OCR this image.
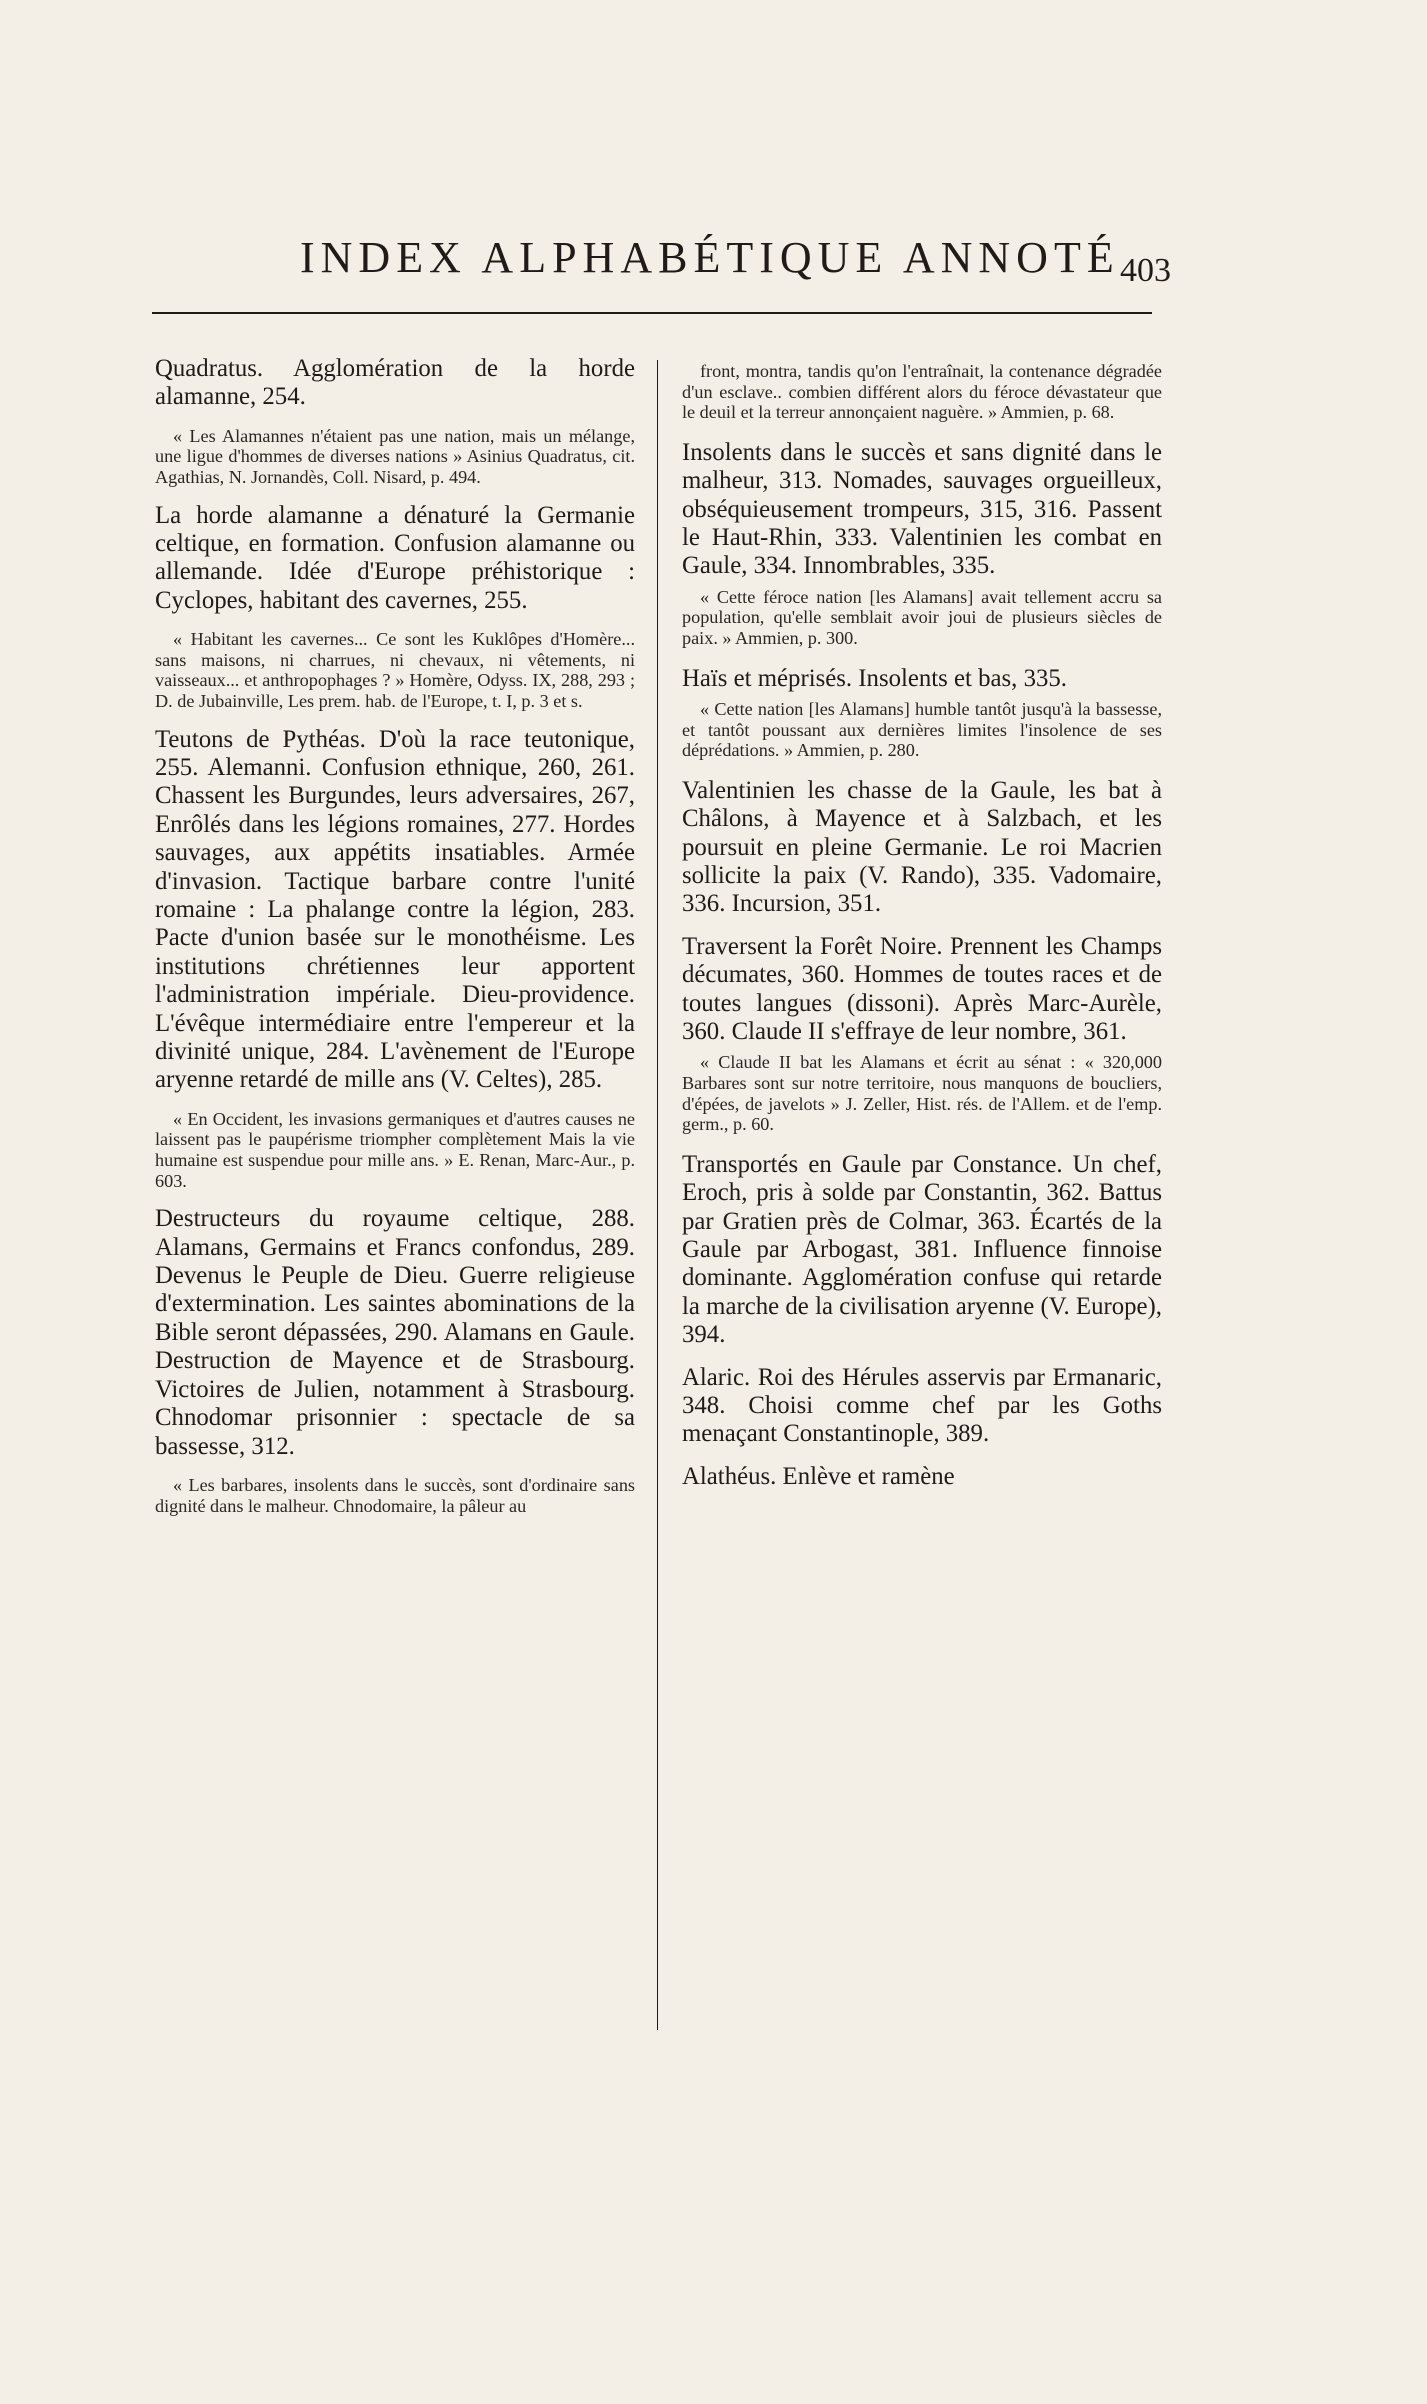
INDEX ALPHABÉTIQUE ANNOTÉ 403

Quadratus. Agglomération de la horde alamanne, 254.

« Les Alamannes n'étaient pas une nation, mais un mélange, une ligue d'hommes de diverses nations » Asinius Quadratus, cit. Agathias, N. Jornandès, Coll. Nisard, p. 494.

La horde alamanne a dénaturé la Germanie celtique, en formation. Confusion alamanne ou allemande. Idée d'Europe préhistorique : Cyclopes, habitant des cavernes, 255.

« Habitant les cavernes... Ce sont les Kuklôpes d'Homère... sans maisons, ni charrues, ni chevaux, ni vêtements, ni vaisseaux... et anthropophages ? » Homère, Odyss. IX, 288, 293 ; D. de Jubainville, Les prem. hab. de l'Europe, t. I, p. 3 et s.

Teutons de Pythéas. D'où la race teutonique, 255. Alemanni. Confusion ethnique, 260, 261. Chassent les Burgundes, leurs adversaires, 267, Enrôlés dans les légions romaines, 277. Hordes sauvages, aux appétits insatiables. Armée d'invasion. Tactique barbare contre l'unité romaine : La phalange contre la légion, 283. Pacte d'union basée sur le monothéisme. Les institutions chrétiennes leur apportent l'administration impériale. Dieu-providence. L'évêque intermédiaire entre l'empereur et la divinité unique, 284. L'avènement de l'Europe aryenne retardé de mille ans (V. Celtes), 285.

« En Occident, les invasions germaniques et d'autres causes ne laissent pas le paupérisme triompher complètement Mais la vie humaine est suspendue pour mille ans. » E. Renan, Marc-Aur., p. 603.

Destructeurs du royaume celtique, 288. Alamans, Germains et Francs confondus, 289. Devenus le Peuple de Dieu. Guerre religieuse d'extermination. Les saintes abominations de la Bible seront dépassées, 290. Alamans en Gaule. Destruction de Mayence et de Strasbourg. Victoires de Julien, notamment à Strasbourg. Chnodomar prisonnier : spectacle de sa bassesse, 312.

« Les barbares, insolents dans le succès, sont d'ordinaire sans dignité dans le malheur. Chnodomaire, la pâleur au

front, montra, tandis qu'on l'entraînait, la contenance dégradée d'un esclave.. combien différent alors du féroce dévastateur que le deuil et la terreur annonçaient naguère. » Ammien, p. 68.

Insolents dans le succès et sans dignité dans le malheur, 313. Nomades, sauvages orgueilleux, obséquieusement trompeurs, 315, 316. Passent le Haut-Rhin, 333. Valentinien les combat en Gaule, 334. Innombrables, 335.

« Cette féroce nation [les Alamans] avait tellement accru sa population, qu'elle semblait avoir joui de plusieurs siècles de paix. » Ammien, p. 300.

Haïs et méprisés. Insolents et bas, 335.

« Cette nation [les Alamans] humble tantôt jusqu'à la bassesse, et tantôt poussant aux dernières limites l'insolence de ses déprédations. » Ammien, p. 280.

Valentinien les chasse de la Gaule, les bat à Châlons, à Mayence et à Salzbach, et les poursuit en pleine Germanie. Le roi Macrien sollicite la paix (V. Rando), 335. Vadomaire, 336. Incursion, 351.

Traversent la Forêt Noire. Prennent les Champs décumates, 360. Hommes de toutes races et de toutes langues (dissoni). Après Marc-Aurèle, 360. Claude II s'effraye de leur nombre, 361.

« Claude II bat les Alamans et écrit au sénat : « 320,000 Barbares sont sur notre territoire, nous manquons de boucliers, d'épées, de javelots » J. Zeller, Hist. rés. de l'Allem. et de l'emp. germ., p. 60.

Transportés en Gaule par Constance. Un chef, Eroch, pris à solde par Constantin, 362. Battus par Gratien près de Colmar, 363. Écartés de la Gaule par Arbogast, 381. Influence finnoise dominante. Agglomération confuse qui retarde la marche de la civilisation aryenne (V. Europe), 394.

Alaric. Roi des Hérules asservis par Ermanaric, 348. Choisi comme chef par les Goths menaçant Constantinople, 389.

Alathéus. Enlève et ramène
